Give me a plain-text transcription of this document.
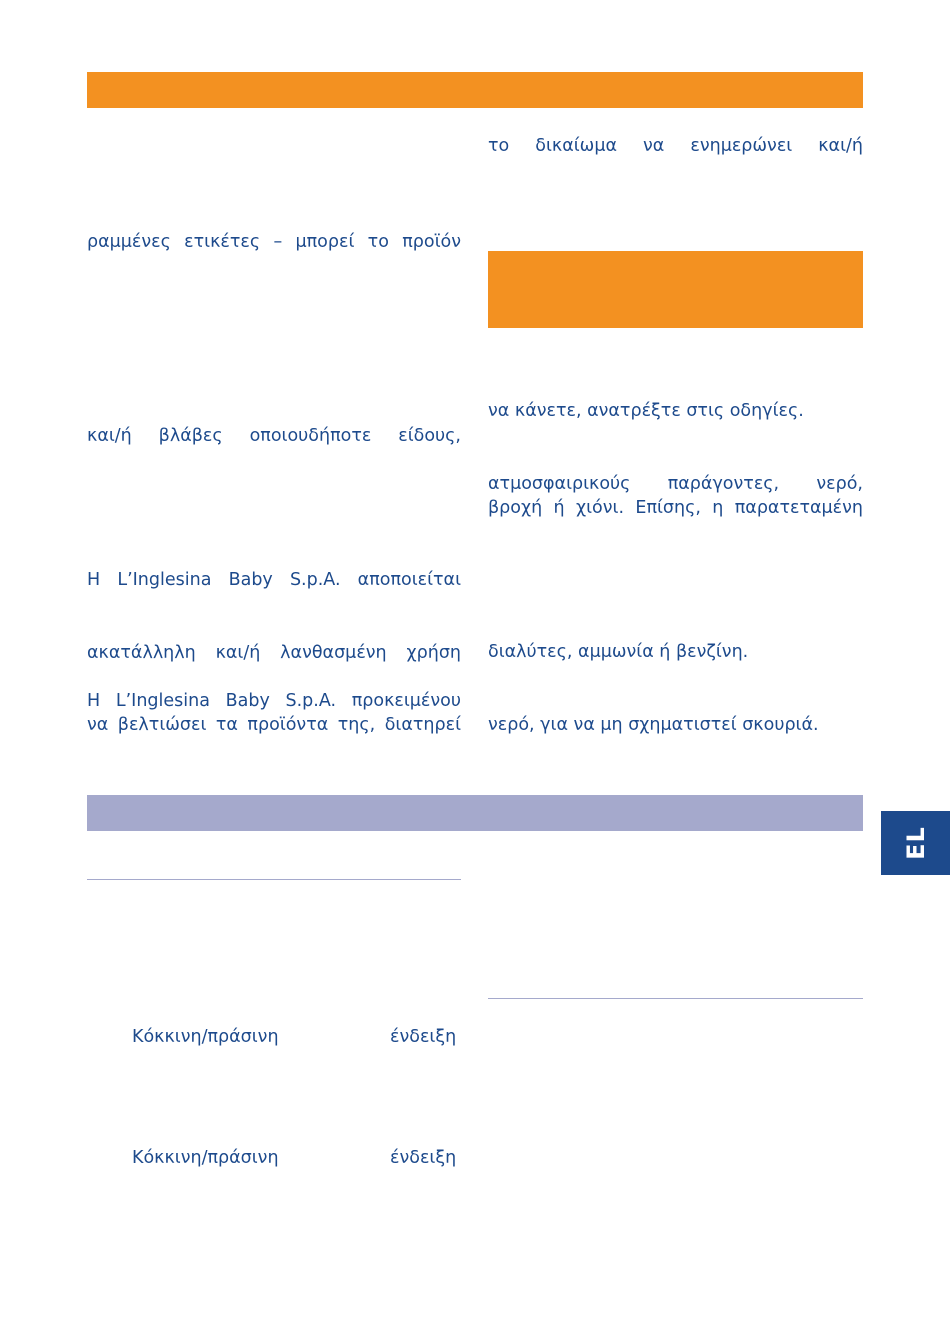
ραμμένες ετικέτες – μπορεί το προϊόν
και/ή βλάβες οποιουδήποτε είδους,
Η L’Inglesina Baby S.p.A. αποποιείται
ακατάλληλη και/ή λανθασμένη χρήση
Η L’Inglesina Baby S.p.A. προκειμένου
να βελτιώσει τα προϊόντα της, διατηρεί
το δικαίωμα να ενημερώνει και/ή
να κάνετε, ανατρέξτε στις οδηγίες.
ατμοσφαιρικούς παράγοντες, νερό,
βροχή ή χιόνι. Επίσης, η παρατεταμένη
διαλύτες, αμμωνία ή βενζίνη.
νερό, για να μη σχηματιστεί σκουριά.
Κόκκινη/πράσινη	ένδειξη
Κόκκινη/πράσινη	ένδειξη
EL
